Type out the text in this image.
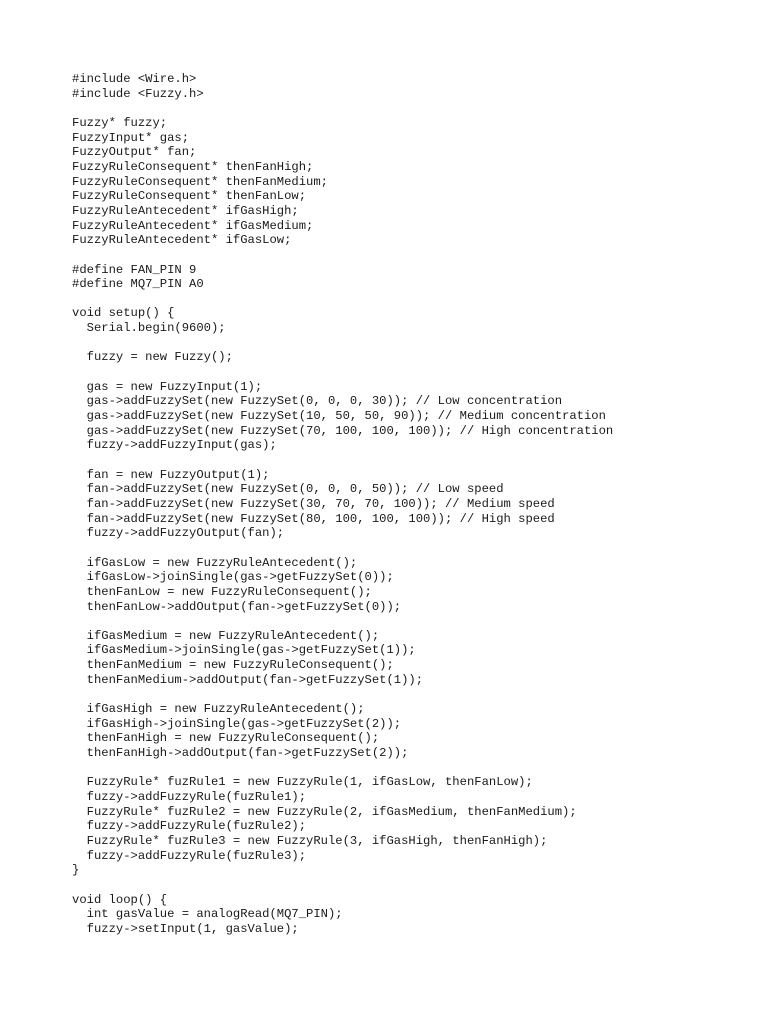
#include <Wire.h>
#include <Fuzzy.h>
Fuzzy* fuzzy;
FuzzyInput* gas;
FuzzyOutput* fan;
FuzzyRuleConsequent* thenFanHigh;
FuzzyRuleConsequent* thenFanMedium;
FuzzyRuleConsequent* thenFanLow;
FuzzyRuleAntecedent* ifGasHigh;
FuzzyRuleAntecedent* ifGasMedium;
FuzzyRuleAntecedent* ifGasLow;
#define FAN_PIN 9
#define MQ7_PIN A0
void setup() {
Serial.begin(9600);
fuzzy = new Fuzzy();
gas = new FuzzyInput(1);
gas->addFuzzySet(new FuzzySet(0, 0, 0, 30)); // Low concentration
gas->addFuzzySet(new FuzzySet(10, 50, 50, 90)); // Medium concentration
gas->addFuzzySet(new FuzzySet(70, 100, 100, 100)); // High concentration
fuzzy->addFuzzyInput(gas);
fan = new FuzzyOutput(1);
fan->addFuzzySet(new FuzzySet(0, 0, 0, 50)); // Low speed
fan->addFuzzySet(new FuzzySet(30, 70, 70, 100)); // Medium speed
fan->addFuzzySet(new FuzzySet(80, 100, 100, 100)); // High speed
fuzzy->addFuzzyOutput(fan);
ifGasLow = new FuzzyRuleAntecedent();
ifGasLow->joinSingle(gas->getFuzzySet(0));
thenFanLow = new FuzzyRuleConsequent();
thenFanLow->addOutput(fan->getFuzzySet(0));
ifGasMedium = new FuzzyRuleAntecedent();
ifGasMedium->joinSingle(gas->getFuzzySet(1));
thenFanMedium = new FuzzyRuleConsequent();
thenFanMedium->addOutput(fan->getFuzzySet(1));
ifGasHigh = new FuzzyRuleAntecedent();
ifGasHigh->joinSingle(gas->getFuzzySet(2));
thenFanHigh = new FuzzyRuleConsequent();
thenFanHigh->addOutput(fan->getFuzzySet(2));
FuzzyRule* fuzRule1 = new FuzzyRule(1, ifGasLow, thenFanLow);
fuzzy->addFuzzyRule(fuzRule1);
FuzzyRule* fuzRule2 = new FuzzyRule(2, ifGasMedium, thenFanMedium);
fuzzy->addFuzzyRule(fuzRule2);
FuzzyRule* fuzRule3 = new FuzzyRule(3, ifGasHigh, thenFanHigh);
fuzzy->addFuzzyRule(fuzRule3);
}
void loop() {
int gasValue = analogRead(MQ7_PIN);
fuzzy->setInput(1, gasValue);
